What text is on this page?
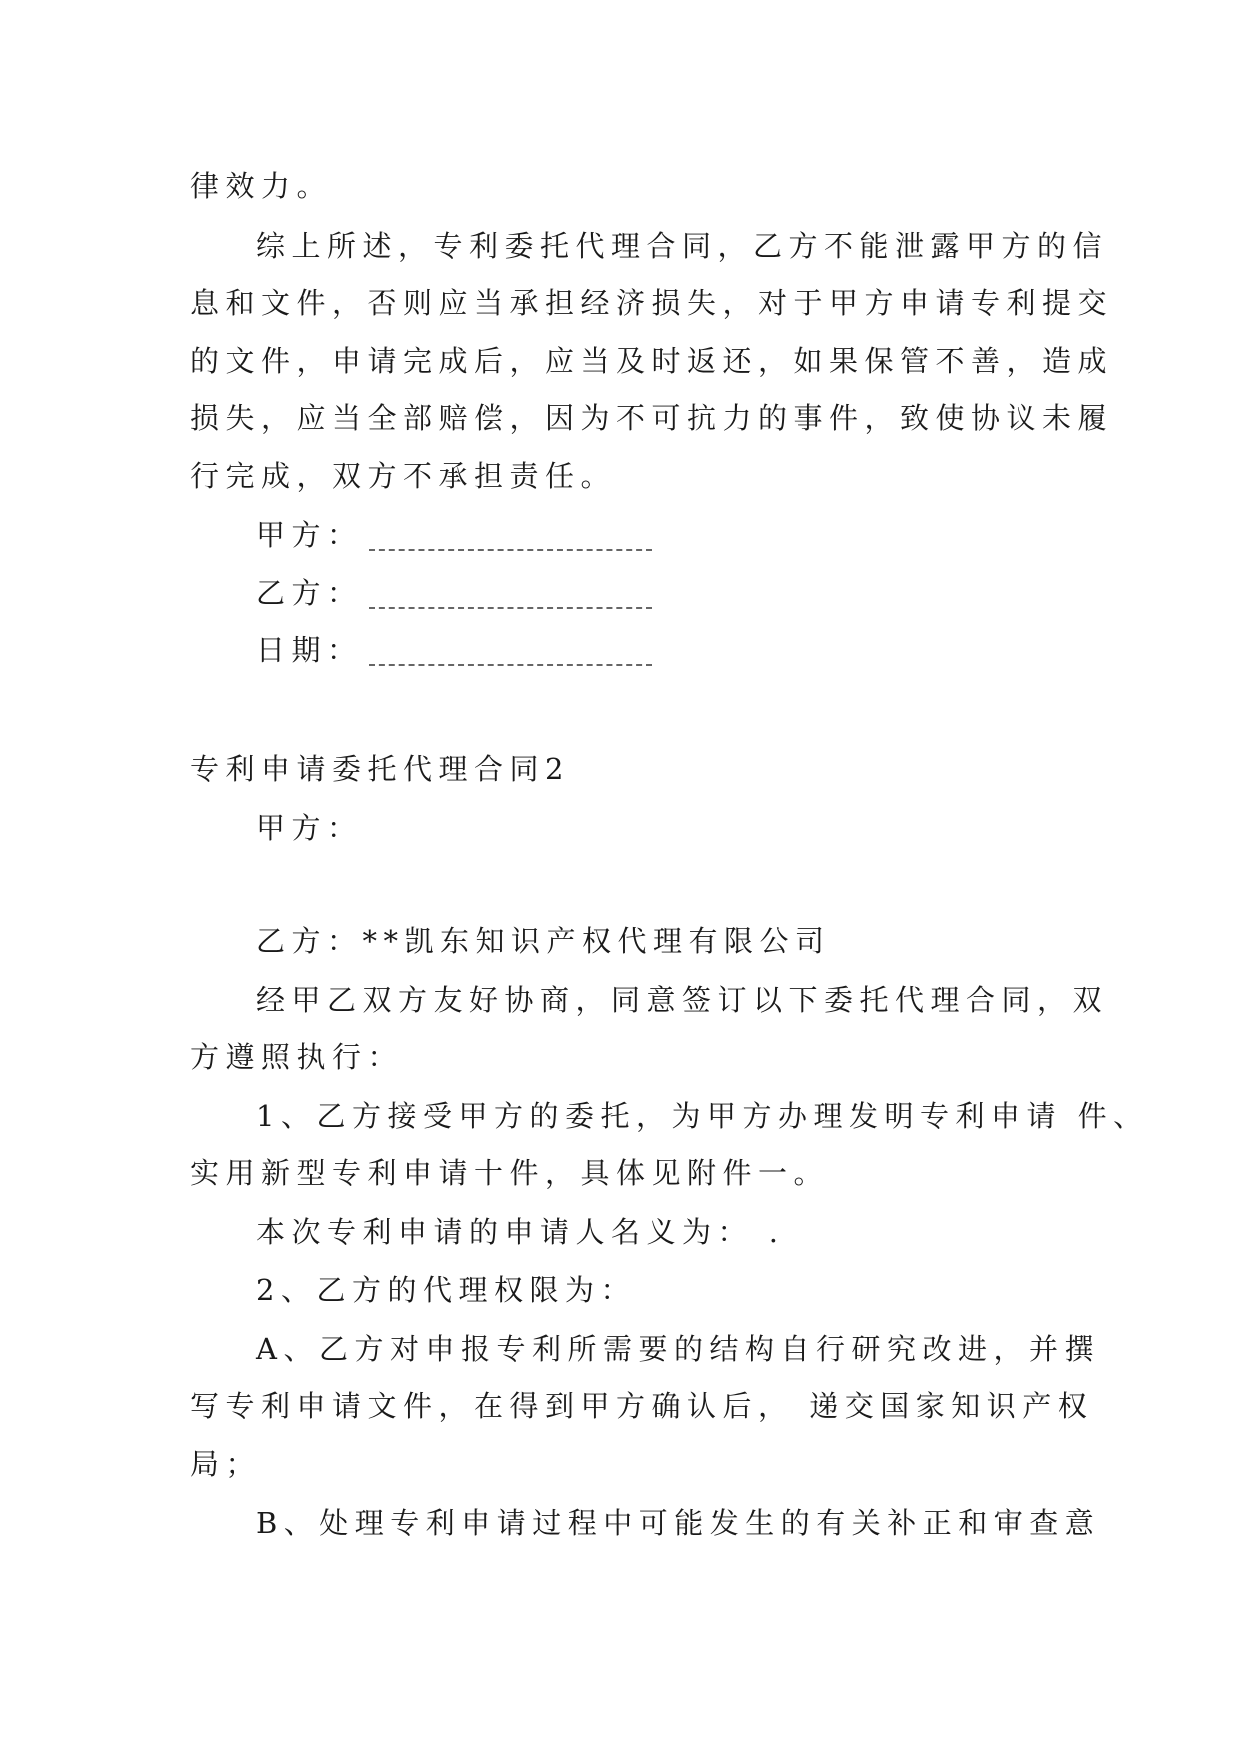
律效力。
综上所述，专利委托代理合同，乙方不能泄露甲方的信
息和文件，否则应当承担经济损失，对于甲方申请专利提交
的文件，申请完成后，应当及时返还，如果保管不善，造成
损失，应当全部赔偿，因为不可抗力的事件，致使协议未履
行完成，双方不承担责任。
甲方：
乙方：
日期：
专利申请委托代理合同2
甲方：
乙方：**凯东知识产权代理有限公司
经甲乙双方友好协商，同意签订以下委托代理合同，双
方遵照执行：
1、乙方接受甲方的委托，为甲方办理发明专利申请 件、
实用新型专利申请十件，具体见附件一。
本次专利申请的申请人名义为： .
2、乙方的代理权限为：
A、乙方对申报专利所需要的结构自行研究改进，并撰
写专利申请文件，在得到甲方确认后， 递交国家知识产权
局；
B、处理专利申请过程中可能发生的有关补正和审查意
